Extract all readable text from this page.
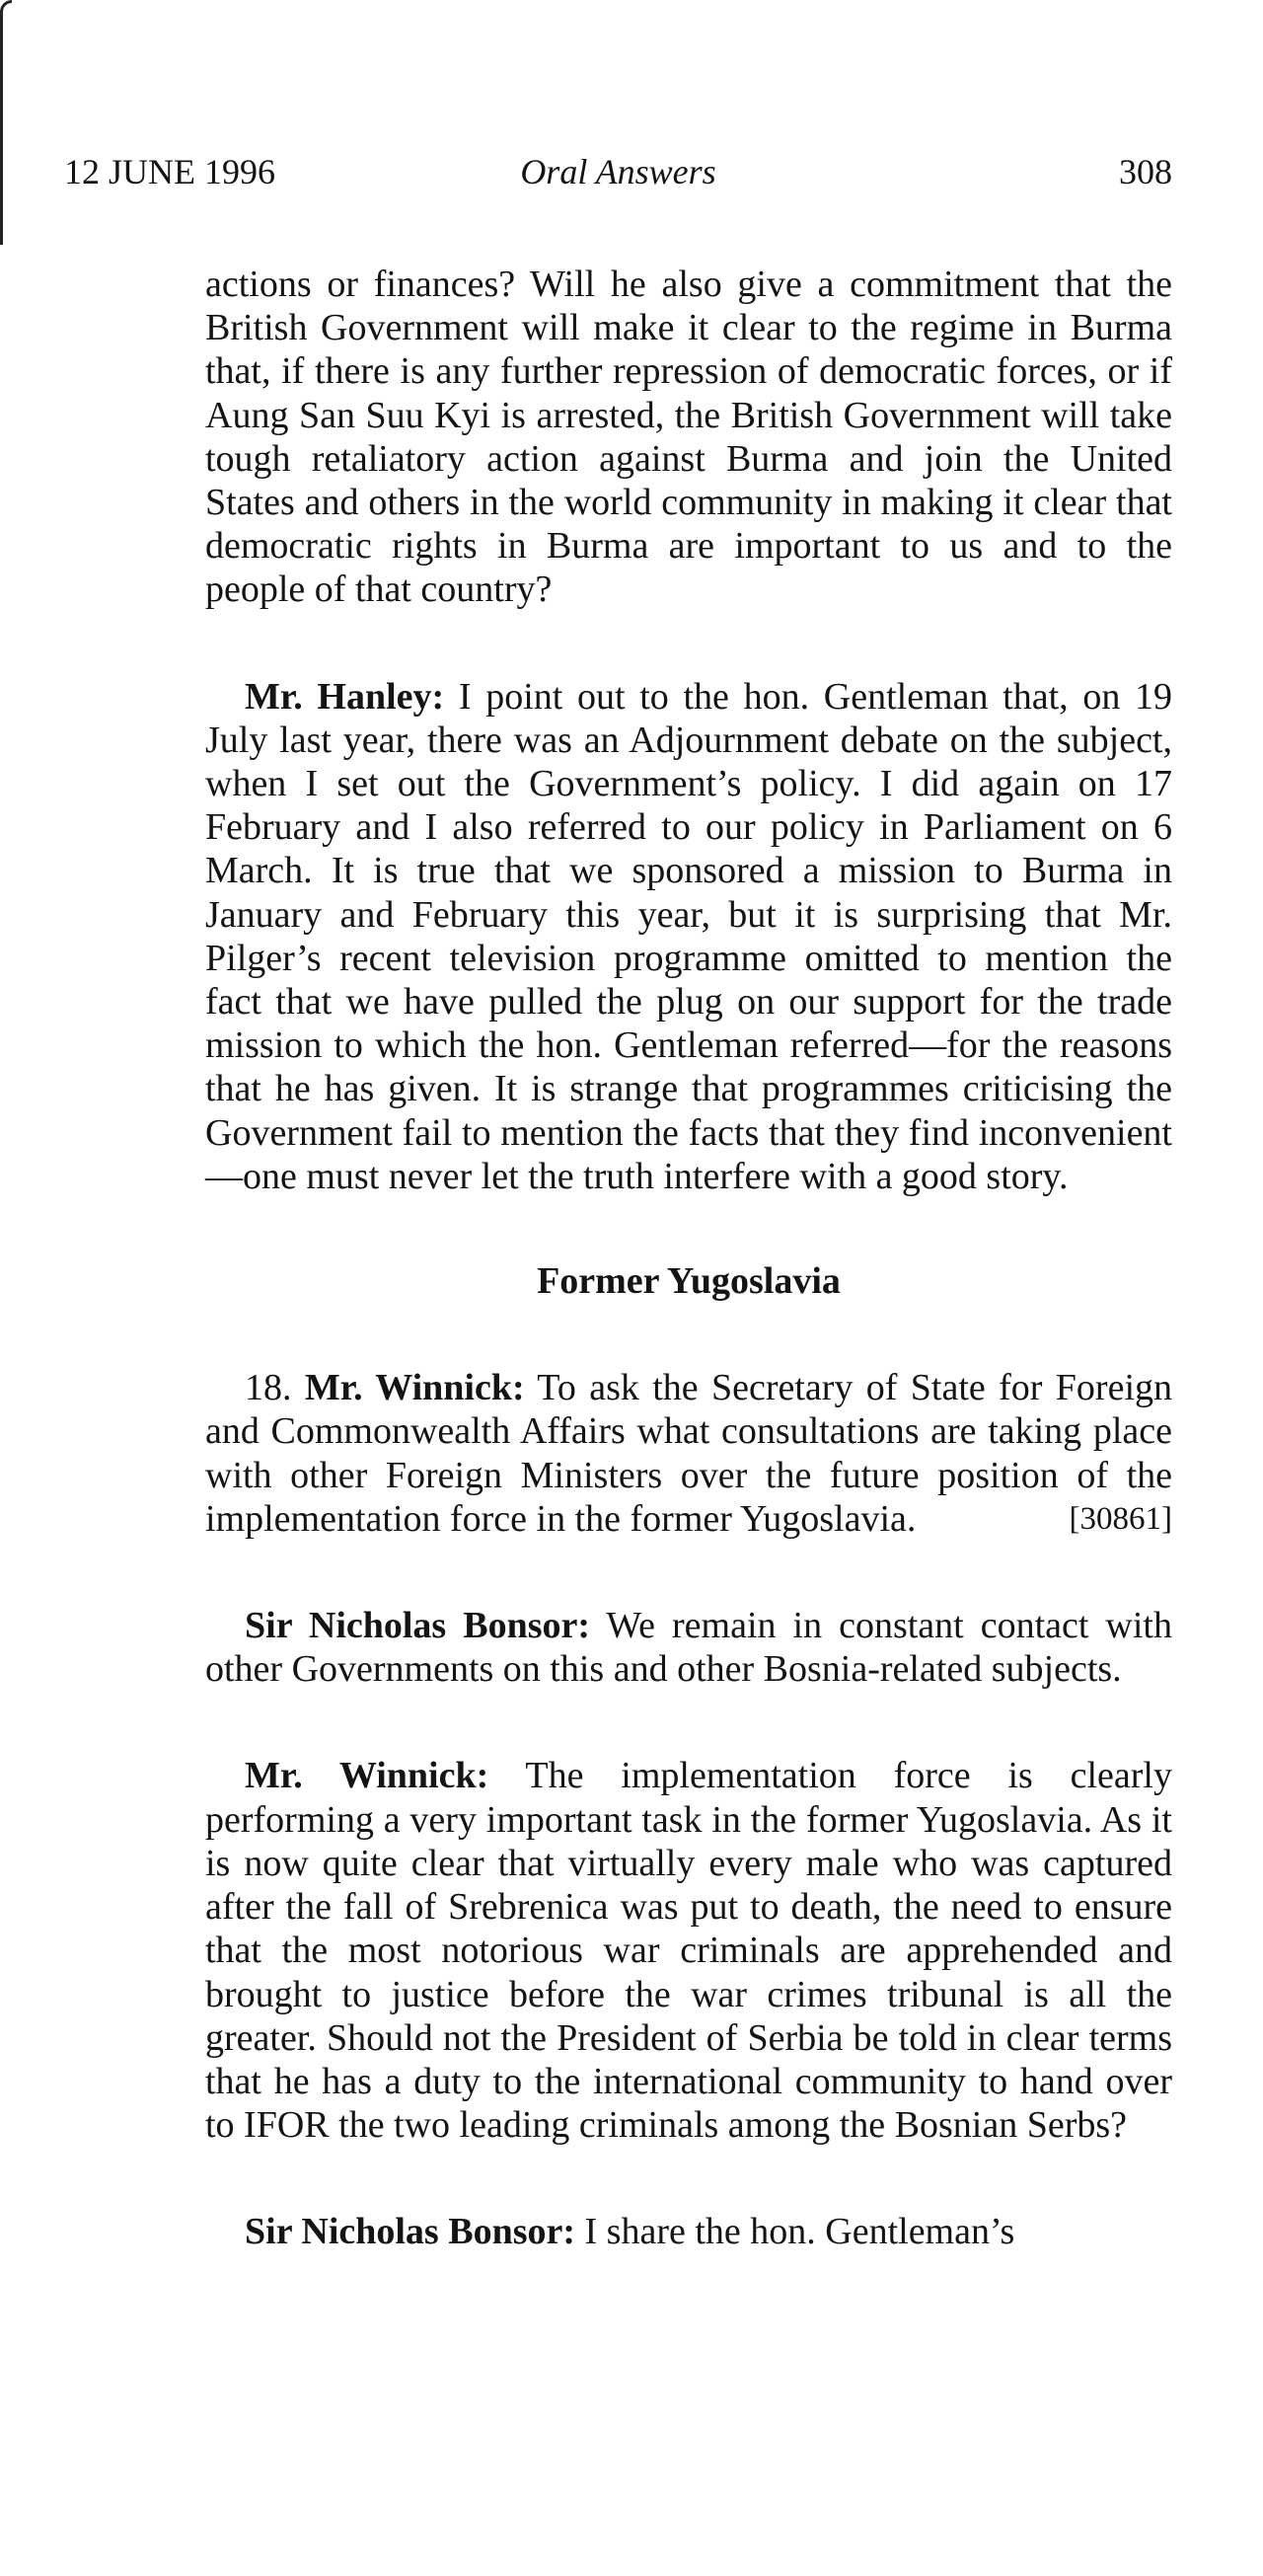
12 JUNE 1996	Oral Answers	308

actions or finances? Will he also give a commitment that the British Government will make it clear to the regime in Burma that, if there is any further repression of democratic forces, or if Aung San Suu Kyi is arrested, the British Government will take tough retaliatory action against Burma and join the United States and others in the world community in making it clear that democratic rights in Burma are important to us and to the people of that country?

Mr. Hanley: I point out to the hon. Gentleman that, on 19 July last year, there was an Adjournment debate on the subject, when I set out the Government’s policy. I did again on 17 February and I also referred to our policy in Parliament on 6 March. It is true that we sponsored a mission to Burma in January and February this year, but it is surprising that Mr. Pilger’s recent television programme omitted to mention the fact that we have pulled the plug on our support for the trade mission to which the hon. Gentleman referred—for the reasons that he has given. It is strange that programmes criticising the Government fail to mention the facts that they find inconvenient—one must never let the truth interfere with a good story.

Former Yugoslavia

18. Mr. Winnick: To ask the Secretary of State for Foreign and Commonwealth Affairs what consultations are taking place with other Foreign Ministers over the future position of the implementation force in the former Yugoslavia.	[30861]

Sir Nicholas Bonsor: We remain in constant contact with other Governments on this and other Bosnia-related subjects.

Mr. Winnick: The implementation force is clearly performing a very important task in the former Yugoslavia. As it is now quite clear that virtually every male who was captured after the fall of Srebrenica was put to death, the need to ensure that the most notorious war criminals are apprehended and brought to justice before the war crimes tribunal is all the greater. Should not the President of Serbia be told in clear terms that he has a duty to the international community to hand over to IFOR the two leading criminals among the Bosnian Serbs?

Sir Nicholas Bonsor: I share the hon. Gentleman’s
